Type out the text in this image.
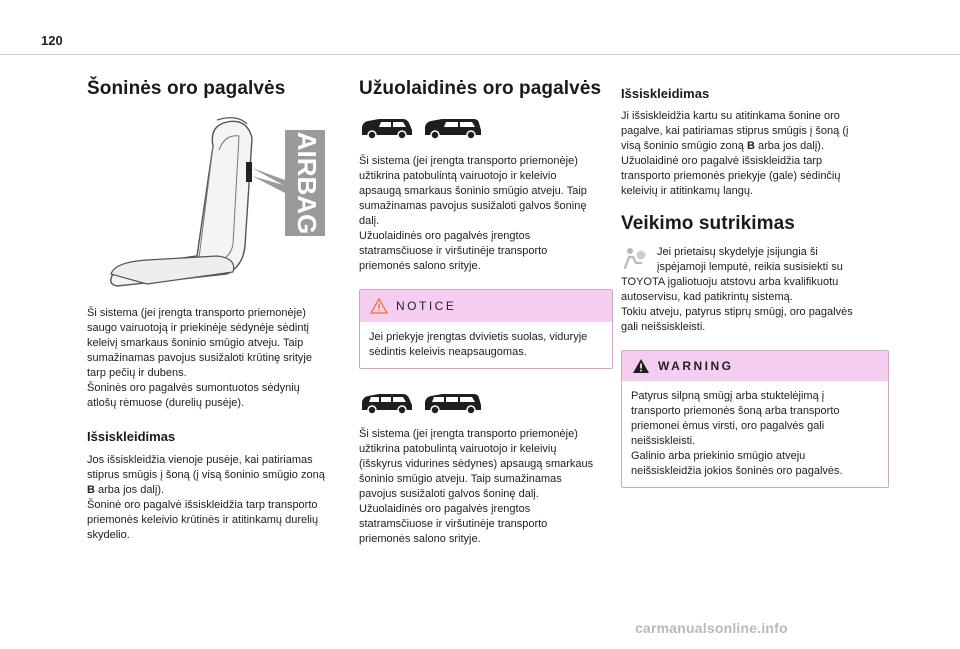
120
Šoninės oro pagalvės
AIRBAG

Ši sistema (jei įrengta transporto priemonėje)
saugo vairuotoją ir priekinėje sėdynėje sėdintį
keleivį smarkaus šoninio smūgio atveju. Taip
sumažinamas pavojus susižaloti krūtinę srityje
tarp pečių ir dubens.
Šoninės oro pagalvės sumontuotos sėdynių
atlošų rėmuose (durelių pusėje).

Išsiskleidimas

Jos išsiskleidžia vienoje pusėje, kai patiriamas
stiprus smūgis į šoną (į visą šoninio smūgio zoną
B arba jos dalį).
Šoninė oro pagalvė išsiskleidžia tarp transporto
priemonės keleivio krūtinės ir atitinkamų durelių
skydelio.

Užuolaidinės oro pagalvės

Ši sistema (jei įrengta transporto priemonėje)
užtikrina patobulintą vairuotojo ir keleivio
apsaugą smarkaus šoninio smūgio atveju. Taip
sumažinamas pavojus susižaloti galvos šoninę
dalį.
Užuolaidinės oro pagalvės įrengtos
statramsčiuose ir viršutinėje transporto
priemonės salono srityje.

NOTICE
Jei priekyje įrengtas dvivietis suolas, viduryje
sėdintis keleivis neapsaugomas.

Ši sistema (jei įrengta transporto priemonėje)
užtikrina patobulintą vairuotojo ir keleivių
(išskyrus vidurines sėdynes) apsaugą smarkaus
šoninio smūgio atveju. Taip sumažinamas
pavojus susižaloti galvos šoninę dalį.
Užuolaidinės oro pagalvės įrengtos
statramsčiuose ir viršutinėje transporto
priemonės salono srityje.

Išsiskleidimas

Ji išsiskleidžia kartu su atitinkama šonine oro
pagalve, kai patiriamas stiprus smūgis į šoną (į
visą šoninio smūgio zoną B arba jos dalį).
Užuolaidinė oro pagalvė išsiskleidžia tarp
transporto priemonės priekyje (gale) sėdinčių
keleivių ir atitinkamų langų.

Veikimo sutrikimas

Jei prietaisų skydelyje įsijungia ši
įspėjamoji lemputė, reikia susisiekti su
TOYOTA įgaliotuoju atstovu arba kvalifikuotu
autoservisu, kad patikrintų sistemą.
Tokiu atveju, patyrus stiprų smūgį, oro pagalvės
gali neišsiskleisti.

WARNING
Patyrus silpną smūgį arba stuktelėjimą į
transporto priemonės šoną arba transporto
priemonei ėmus virsti, oro pagalvės gali
neišsiskleisti.
Galinio arba priekinio smūgio atveju
neišsiskleidžia jokios šoninės oro pagalvės.
carmanualsonline.info
